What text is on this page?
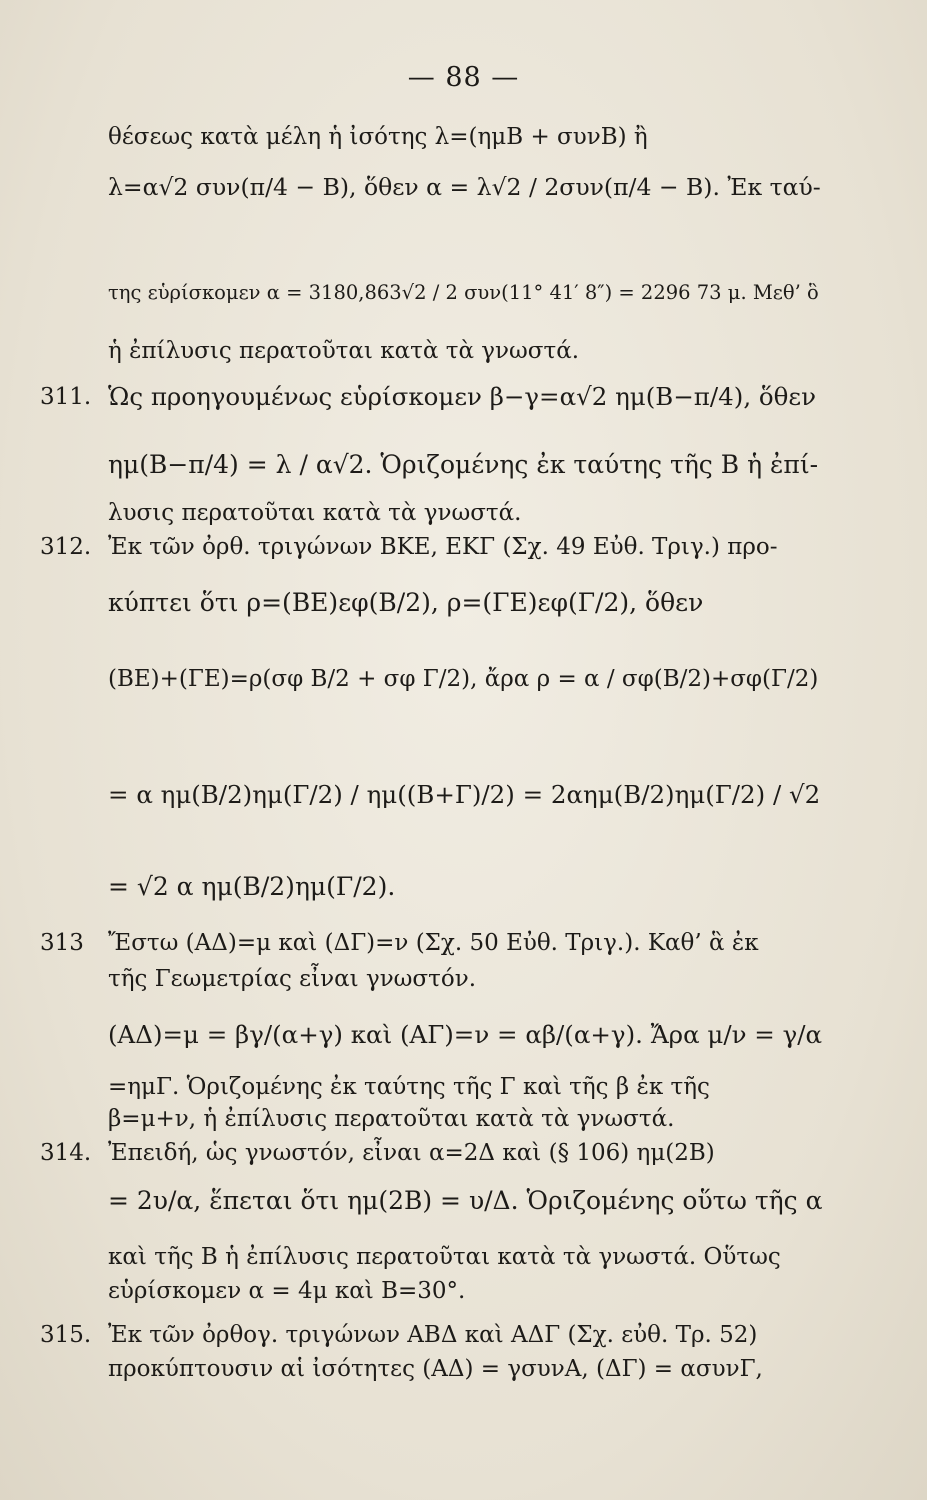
— 88 —
θέσεως κατὰ μέλη ἡ ἰσότης λ=(ημΒ + συνΒ) ἢ
λ=α√2 συν(π/4 − Β), ὅθεν α = λ√2 / 2συν(π/4 − Β). Ἐκ ταύ-
της εὑρίσκομεν α = 3180,863√2 / 2 συν(11° 41′ 8″) = 2296 73 μ. Μεθ’ ὃ
ἡ ἐπίλυσις περατοῦται κατὰ τὰ γνωστά.
311. Ὡς προηγουμένως εὑρίσκομεν β−γ=α√2 ημ(Β−π/4), ὅθεν
ημ(Β−π/4) = λ / α√2. Ὁριζομένης ἐκ ταύτης τῆς Β ἡ ἐπί-
λυσις περατοῦται κατὰ τὰ γνωστά.
312. Ἐκ τῶν ὀρθ. τριγώνων ΒΚΕ, ΕΚΓ (Σχ. 49 Εὐθ. Τριγ.) προ-
κύπτει ὅτι ρ=(ΒΕ)εφ(Β/2), ρ=(ΓΕ)εφ(Γ/2), ὅθεν
(ΒΕ)+(ΓΕ)=ρ(σφ Β/2 + σφ Γ/2), ἄρα ρ = α / σφ(Β/2)+σφ(Γ/2)
= α ημ(Β/2)ημ(Γ/2) / ημ((Β+Γ)/2) = 2αημ(Β/2)ημ(Γ/2) / √2
= √2 α ημ(Β/2)ημ(Γ/2).
313	Ἔστω (ΑΔ)=μ καὶ (ΔΓ)=ν (Σχ. 50 Εὐθ. Τριγ.). Καθ’ ἃ ἐκ
τῆς Γεωμετρίας εἶναι γνωστόν.
(ΑΔ)=μ = βγ/(α+γ) καὶ (ΑΓ)=ν = αβ/(α+γ). Ἄρα μ/ν = γ/α
=ημΓ. Ὁριζομένης ἐκ ταύτης τῆς Γ καὶ τῆς β ἐκ τῆς
β=μ+ν, ἡ ἐπίλυσις περατοῦται κατὰ τὰ γνωστά.
314. Ἐπειδή, ὡς γνωστόν, εἶναι α=2Δ καὶ (§ 106) ημ(2Β)
= 2υ/α, ἕπεται ὅτι ημ(2Β) = υ/Δ. Ὁριζομένης οὕτω τῆς α
καὶ τῆς Β ἡ ἐπίλυσις περατοῦται κατὰ τὰ γνωστά. Οὕτως
εὑρίσκομεν α = 4μ καὶ Β=30°.
315. Ἐκ τῶν ὀρθογ. τριγώνων ΑΒΔ καὶ ΑΔΓ (Σχ. εὐθ. Τρ. 52)
προκύπτουσιν αἱ ἰσότητες (ΑΔ) = γσυνΑ, (ΔΓ) = ασυνΓ,
